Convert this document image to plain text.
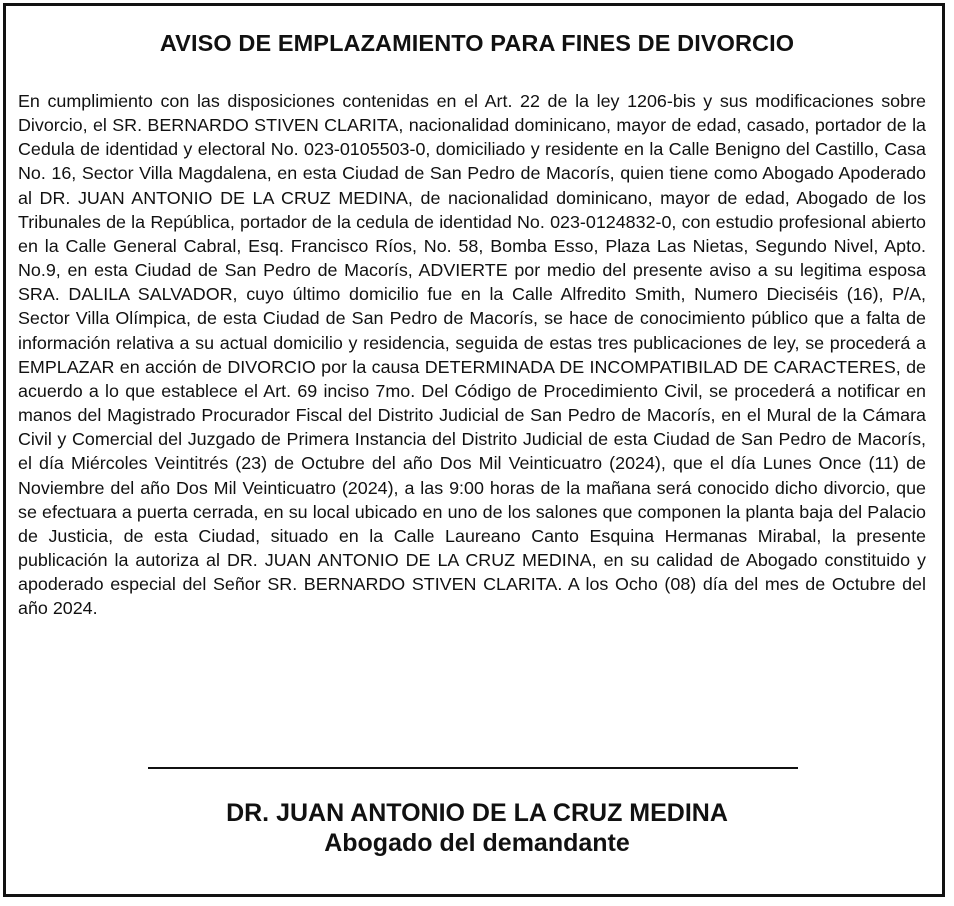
AVISO DE EMPLAZAMIENTO PARA FINES DE DIVORCIO

En cumplimiento con las disposiciones contenidas en el Art. 22 de la ley 1206-bis y sus modificaciones sobre Divorcio, el SR. BERNARDO STIVEN CLARITA, nacionalidad dominicano, mayor de edad, casado, portador de la Cedula de identidad y electoral No. 023-0105503-0, domiciliado y residente en la Calle Benigno del Castillo, Casa No. 16, Sector Villa Magdalena, en esta Ciudad de San Pedro de Macorís, quien tiene como Abogado Apoderado al DR. JUAN ANTONIO DE LA CRUZ MEDINA, de nacionalidad dominicano, mayor de edad, Abogado de los Tribunales de la República, portador de la cedula de identidad No. 023-0124832-0, con estudio profesional abierto en la Calle General Cabral, Esq. Francisco Ríos, No. 58, Bomba Esso, Plaza Las Nietas, Segundo Nivel, Apto. No.9, en esta Ciudad de San Pedro de Macorís, ADVIERTE por medio del presente aviso a su legitima esposa SRA. DALILA SALVADOR, cuyo último domicilio fue en la Calle Alfredito Smith, Numero Dieciséis (16), P/A, Sector Villa Olímpica, de esta Ciudad de San Pedro de Macorís, se hace de conocimiento público que a falta de información relativa a su actual domicilio y residencia, seguida de estas tres publicaciones de ley, se procederá a EMPLAZAR en acción de DIVORCIO por la causa DETERMINADA DE INCOMPATIBILAD DE CARACTERES, de acuerdo a lo que establece el Art. 69 inciso 7mo. Del Código de Procedimiento Civil, se procederá a notificar en manos del Magistrado Procurador Fiscal del Distrito Judicial de San Pedro de Macorís, en el Mural de la Cámara Civil y Comercial del Juzgado de Primera Instancia del Distrito Judicial de esta Ciudad de San Pedro de Macorís, el día Miércoles Veintitrés (23) de Octubre del año Dos Mil Veinticuatro (2024), que el día Lunes Once (11) de Noviembre del año Dos Mil Veinticuatro (2024), a las 9:00 horas de la mañana será conocido dicho divorcio, que se efectuara a puerta cerrada, en su local ubicado en uno de los salones que componen la planta baja del Palacio de Justicia, de esta Ciudad, situado en la Calle Laureano Canto Esquina Hermanas Mirabal, la presente publicación la autoriza al DR. JUAN ANTONIO DE LA CRUZ MEDINA, en su calidad de Abogado constituido y apoderado especial del Señor SR. BERNARDO STIVEN CLARITA. A los Ocho (08) día del mes de Octubre del año 2024.

DR. JUAN ANTONIO DE LA CRUZ MEDINA

Abogado del demandante
